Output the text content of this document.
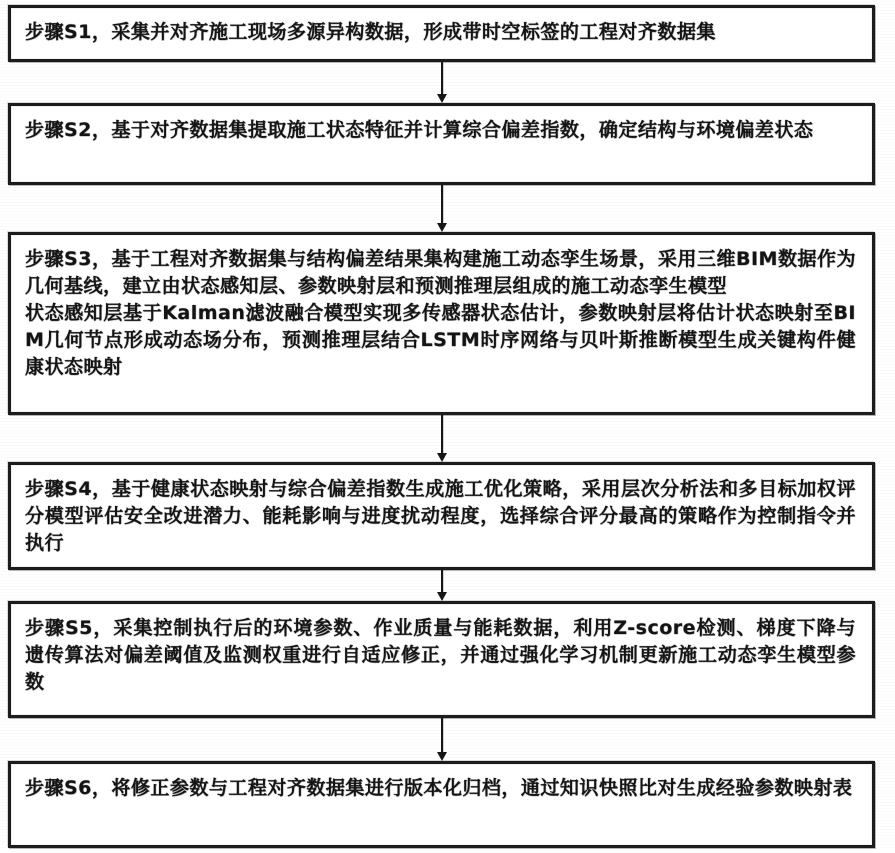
步骤S1，采集并对齐施工现场多源异构数据，形成带时空标签的工程对齐数据集

步骤S2，基于对齐数据集提取施工状态特征并计算综合偏差指数，确定结构与环境偏差状态

步骤S3，基于工程对齐数据集与结构偏差结果集构建施工动态孪生场景，采用三维BIM数据作为几何基线，建立由状态感知层、参数映射层和预测推理层组成的施工动态孪生模型

状态感知层基于Kalman滤波融合模型实现多传感器状态估计，参数映射层将估计状态映射至BIM几何节点形成动态场分布，预测推理层结合LSTM时序网络与贝叶斯推断模型生成关键构件健康状态映射

步骤S4，基于健康状态映射与综合偏差指数生成施工优化策略，采用层次分析法和多目标加权评分模型评估安全改进潜力、能耗影响与进度扰动程度，选择综合评分最高的策略作为控制指令并执行

步骤S5，采集控制执行后的环境参数、作业质量与能耗数据，利用Z-score检测、梯度下降与遗传算法对偏差阈值及监测权重进行自适应修正，并通过强化学习机制更新施工动态孪生模型参数

步骤S6，将修正参数与工程对齐数据集进行版本化归档，通过知识快照比对生成经验参数映射表
